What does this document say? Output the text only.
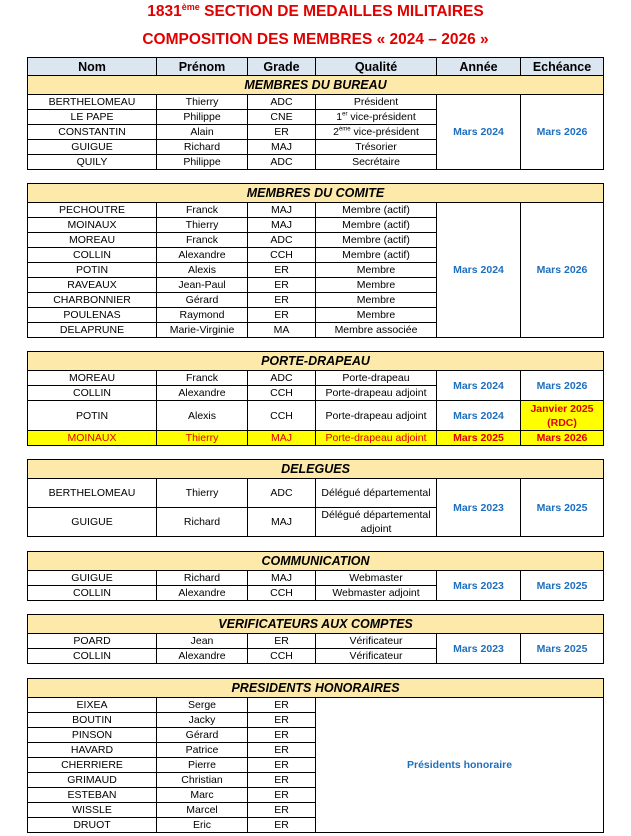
1831ème SECTION DE MEDAILLES MILITAIRES
COMPOSITION DES MEMBRES « 2024 – 2026 »
Nom	Prénom	Grade	Qualité	Année	Echéance
MEMBRES DU BUREAU					
BERTHELOMEAU	Thierry	ADC	Président	Mars 2024	Mars 2026
LE PAPE	Philippe	CNE	1er vice-président		
CONSTANTIN	Alain	ER	2ème vice-président		
GUIGUE	Richard	MAJ	Trésorier		
QUILY	Philippe	ADC	Secrétaire		
MEMBRES DU COMITE					
PECHOUTRE	Franck	MAJ	Membre (actif)	Mars 2024	Mars 2026
MOINAUX	Thierry	MAJ	Membre (actif)		
MOREAU	Franck	ADC	Membre (actif)		
COLLIN	Alexandre	CCH	Membre (actif)		
POTIN	Alexis	ER	Membre		
RAVEAUX	Jean-Paul	ER	Membre		
CHARBONNIER	Gérard	ER	Membre		
POULENAS	Raymond	ER	Membre		
DELAPRUNE	Marie-Virginie	MA	Membre associée		
PORTE-DRAPEAU					
MOREAU	Franck	ADC	Porte-drapeau	Mars 2024	Mars 2026
COLLIN	Alexandre	CCH	Porte-drapeau adjoint		
POTIN	Alexis	CCH	Porte-drapeau adjoint	Mars 2024	Janvier 2025 (RDC)
MOINAUX	Thierry	MAJ	Porte-drapeau adjoint	Mars 2025	Mars 2026
DELEGUES					
BERTHELOMEAU	Thierry	ADC	Délégué départemental	Mars 2023	Mars 2025
GUIGUE	Richard	MAJ	Délégué départemental adjoint		
COMMUNICATION					
GUIGUE	Richard	MAJ	Webmaster	Mars 2023	Mars 2025
COLLIN	Alexandre	CCH	Webmaster adjoint		
VERIFICATEURS AUX COMPTES					
POARD	Jean	ER	Vérificateur	Mars 2023	Mars 2025
COLLIN	Alexandre	CCH	Vérificateur		
PRESIDENTS HONORAIRES			
EIXEA	Serge	ER	Présidents honoraire
BOUTIN	Jacky	ER	
PINSON	Gérard	ER	
HAVARD	Patrice	ER	
CHERRIERE	Pierre	ER	
GRIMAUD	Christian	ER	
ESTEBAN	Marc	ER	
WISSLE	Marcel	ER	
DRUOT	Eric	ER	
